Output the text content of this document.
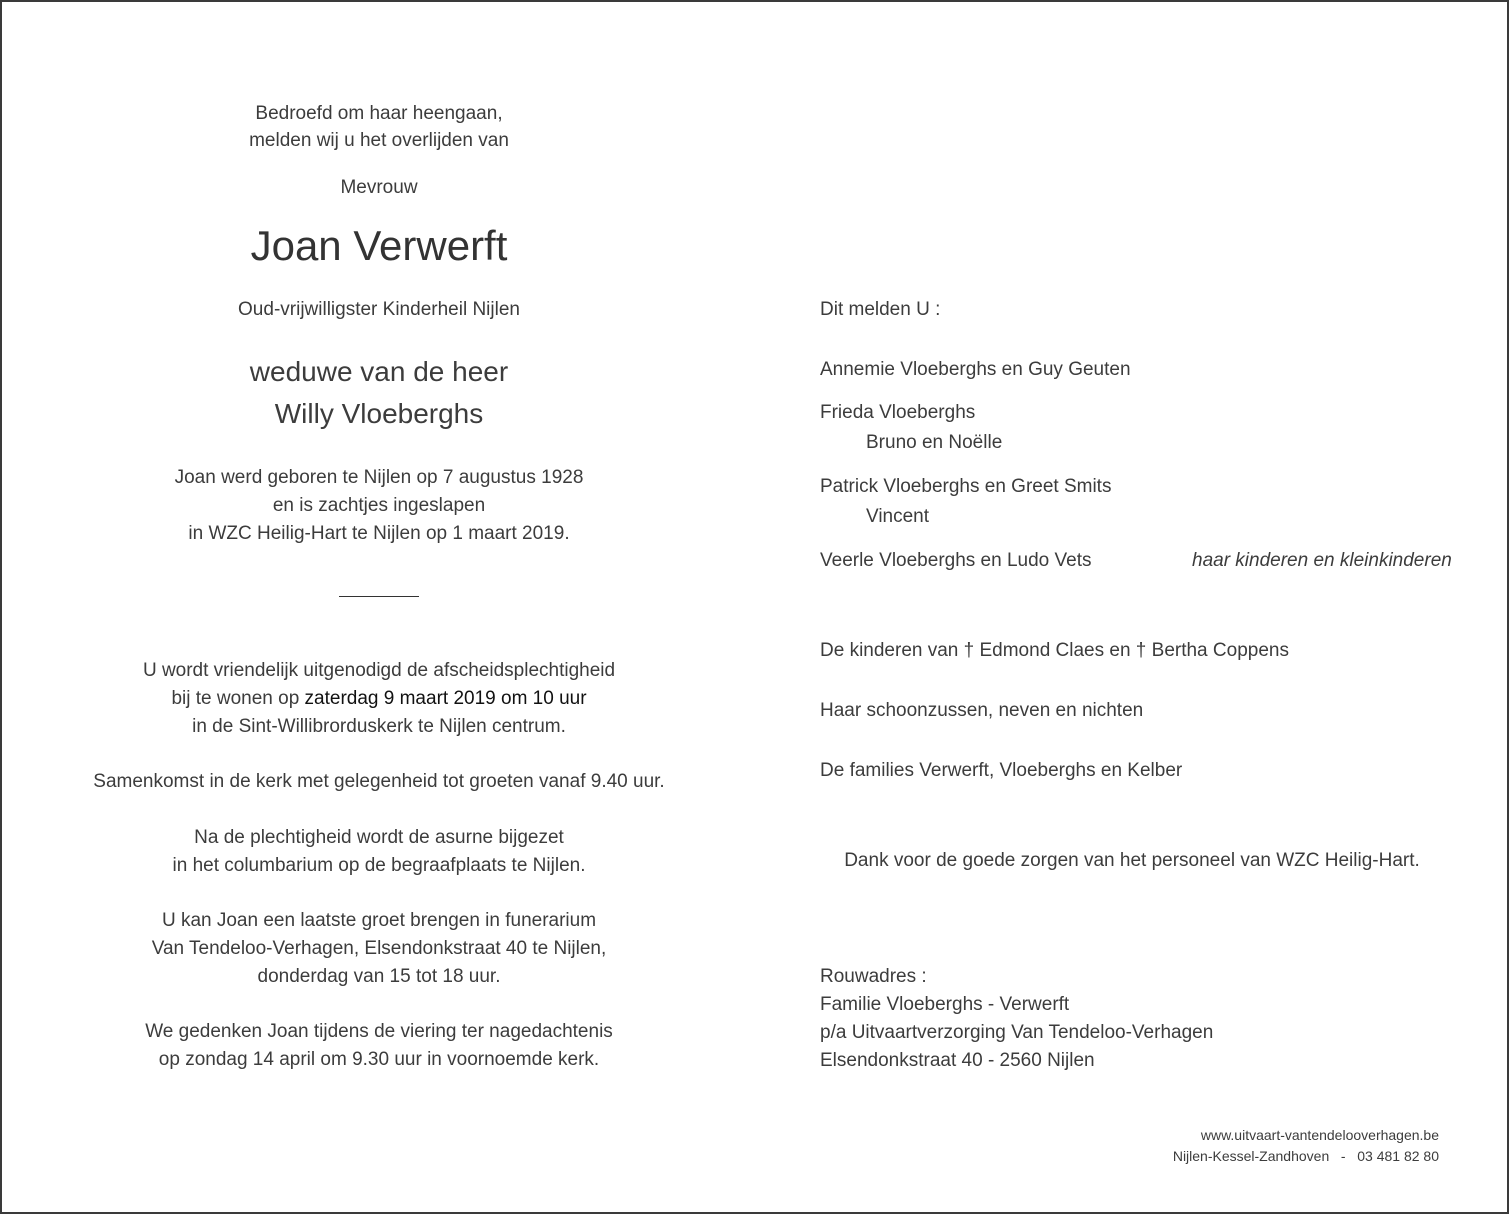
Bedroefd om haar heengaan,
melden wij u het overlijden van
Mevrouw
Joan Verwerft
Oud-vrijwilligster Kinderheil Nijlen
weduwe van de heer
Willy Vloeberghs
Joan werd geboren te Nijlen op 7 augustus 1928
en is zachtjes ingeslapen
in WZC Heilig-Hart te Nijlen op 1 maart 2019.
U wordt vriendelijk uitgenodigd de afscheidsplechtigheid
bij te wonen op zaterdag 9 maart 2019 om 10 uur
in de Sint-Willibrorduskerk te Nijlen centrum.
Samenkomst in de kerk met gelegenheid tot groeten vanaf 9.40 uur.
Na de plechtigheid wordt de asurne bijgezet
in het columbarium op de begraafplaats te Nijlen.
U kan Joan een laatste groet brengen in funerarium
Van Tendeloo-Verhagen, Elsendonkstraat 40 te Nijlen,
donderdag van 15 tot 18 uur.
We gedenken Joan tijdens de viering ter nagedachtenis
op zondag 14 april om 9.30 uur in voornoemde kerk.
Dit melden U :
Annemie Vloeberghs en Guy Geuten
Frieda Vloeberghs
Bruno en Noëlle
Patrick Vloeberghs en Greet Smits
Vincent
Veerle Vloeberghs en Ludo Vets	haar kinderen en kleinkinderen
De kinderen van † Edmond Claes en † Bertha Coppens
Haar schoonzussen, neven en nichten
De families Verwerft, Vloeberghs en Kelber
Dank voor de goede zorgen van het personeel van WZC Heilig-Hart.
Rouwadres :
Familie Vloeberghs - Verwerft
p/a Uitvaartverzorging Van Tendeloo-Verhagen
Elsendonkstraat 40 - 2560 Nijlen
www.uitvaart-vantendelooverhagen.be
Nijlen-Kessel-Zandhoven   -   03 481 82 80
